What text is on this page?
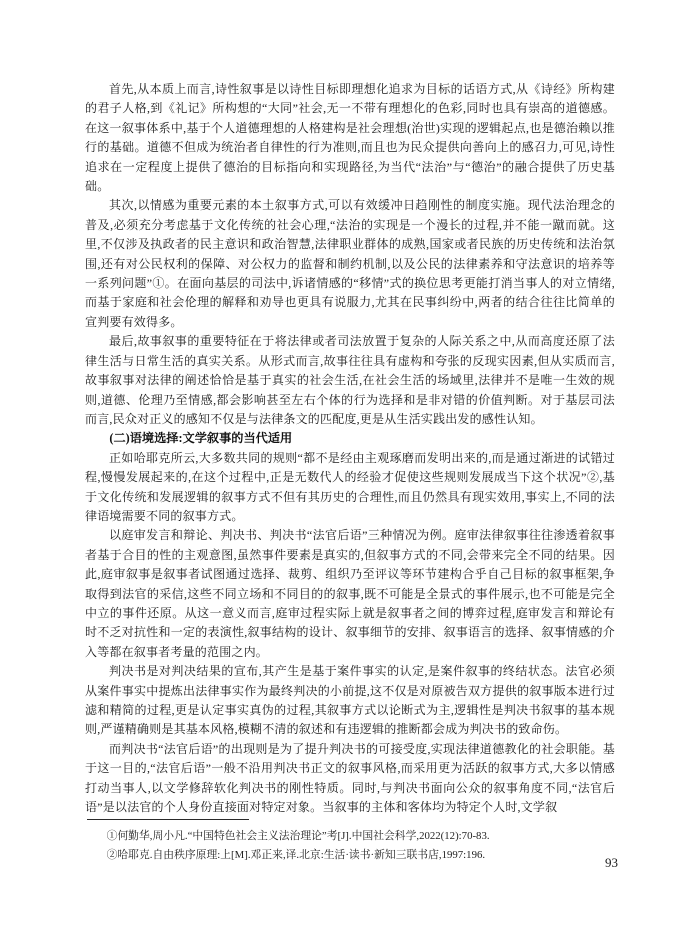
首先,从本质上而言,诗性叙事是以诗性目标即理想化追求为目标的话语方式,从《诗经》所构建的君子人格,到《礼记》所构想的“大同”社会,无一不带有理想化的色彩,同时也具有崇高的道德感。在这一叙事体系中,基于个人道德理想的人格建构是社会理想(治世)实现的逻辑起点,也是德治赖以推行的基础。道德不但成为统治者自律性的行为准则,而且也为民众提供向善向上的感召力,可见,诗性追求在一定程度上提供了德治的目标指向和实现路径,为当代“法治”与“德治”的融合提供了历史基础。

其次,以情感为重要元素的本土叙事方式,可以有效缓冲日趋刚性的制度实施。现代法治理念的普及,必须充分考虑基于文化传统的社会心理,“法治的实现是一个漫长的过程,并不能一蹴而就。这里,不仅涉及执政者的民主意识和政治智慧,法律职业群体的成熟,国家或者民族的历史传统和法治氛围,还有对公民权利的保障、对公权力的监督和制约机制,以及公民的法律素养和守法意识的培养等一系列问题”①。在面向基层的司法中,诉诸情感的“移情”式的换位思考更能打消当事人的对立情绪,而基于家庭和社会伦理的解释和劝导也更具有说服力,尤其在民事纠纷中,两者的结合往往比简单的宣判要有效得多。

最后,故事叙事的重要特征在于将法律或者司法放置于复杂的人际关系之中,从而高度还原了法律生活与日常生活的真实关系。从形式而言,故事往往具有虚构和夸张的反现实因素,但从实质而言,故事叙事对法律的阐述恰恰是基于真实的社会生活,在社会生活的场域里,法律并不是唯一生效的规则,道德、伦理乃至情感,都会影响甚至左右个体的行为选择和是非对错的价值判断。对于基层司法而言,民众对正义的感知不仅是与法律条文的匹配度,更是从生活实践出发的感性认知。

(二)语境选择:文学叙事的当代适用

正如哈耶克所云,大多数共同的规则“都不是经由主观琢磨而发明出来的,而是通过渐进的试错过程,慢慢发展起来的,在这个过程中,正是无数代人的经验才促使这些规则发展成当下这个状况”②,基于文化传统和发展逻辑的叙事方式不但有其历史的合理性,而且仍然具有现实效用,事实上,不同的法律语境需要不同的叙事方式。

以庭审发言和辩论、判决书、判决书“法官后语”三种情况为例。庭审法律叙事往往渗透着叙事者基于合目的性的主观意图,虽然事件要素是真实的,但叙事方式的不同,会带来完全不同的结果。因此,庭审叙事是叙事者试图通过选择、裁剪、组织乃至评议等环节建构合乎自己目标的叙事框架,争取得到法官的采信,这些不同立场和不同目的的叙事,既不可能是全景式的事件展示,也不可能是完全中立的事件还原。从这一意义而言,庭审过程实际上就是叙事者之间的博弈过程,庭审发言和辩论有时不乏对抗性和一定的表演性,叙事结构的设计、叙事细节的安排、叙事语言的选择、叙事情感的介入等都在叙事者考量的范围之内。

判决书是对判决结果的宣布,其产生是基于案件事实的认定,是案件叙事的终结状态。法官必须从案件事实中提炼出法律事实作为最终判决的小前提,这不仅是对原被告双方提供的叙事版本进行过滤和精简的过程,更是认定事实真伪的过程,其叙事方式以论断式为主,逻辑性是判决书叙事的基本规则,严谨精确则是其基本风格,模糊不清的叙述和有违逻辑的推断都会成为判决书的致命伤。

而判决书“法官后语”的出现则是为了提升判决书的可接受度,实现法律道德教化的社会职能。基于这一目的,“法官后语”一般不沿用判决书正文的叙事风格,而采用更为活跃的叙事方式,大多以情感打动当事人,以文学修辞软化判决书的刚性特质。同时,与判决书面向公众的叙事角度不同,“法官后语”是以法官的个人身份直接面对特定对象。当叙事的主体和客体均为特定个人时,文学叙

①何勤华,周小凡.“中国特色社会主义法治理论”考[J].中国社会科学,2022(12):70-83.

②哈耶克.自由秩序原理:上[M].邓正来,译.北京:生活·读书·新知三联书店,1997:196.	93
